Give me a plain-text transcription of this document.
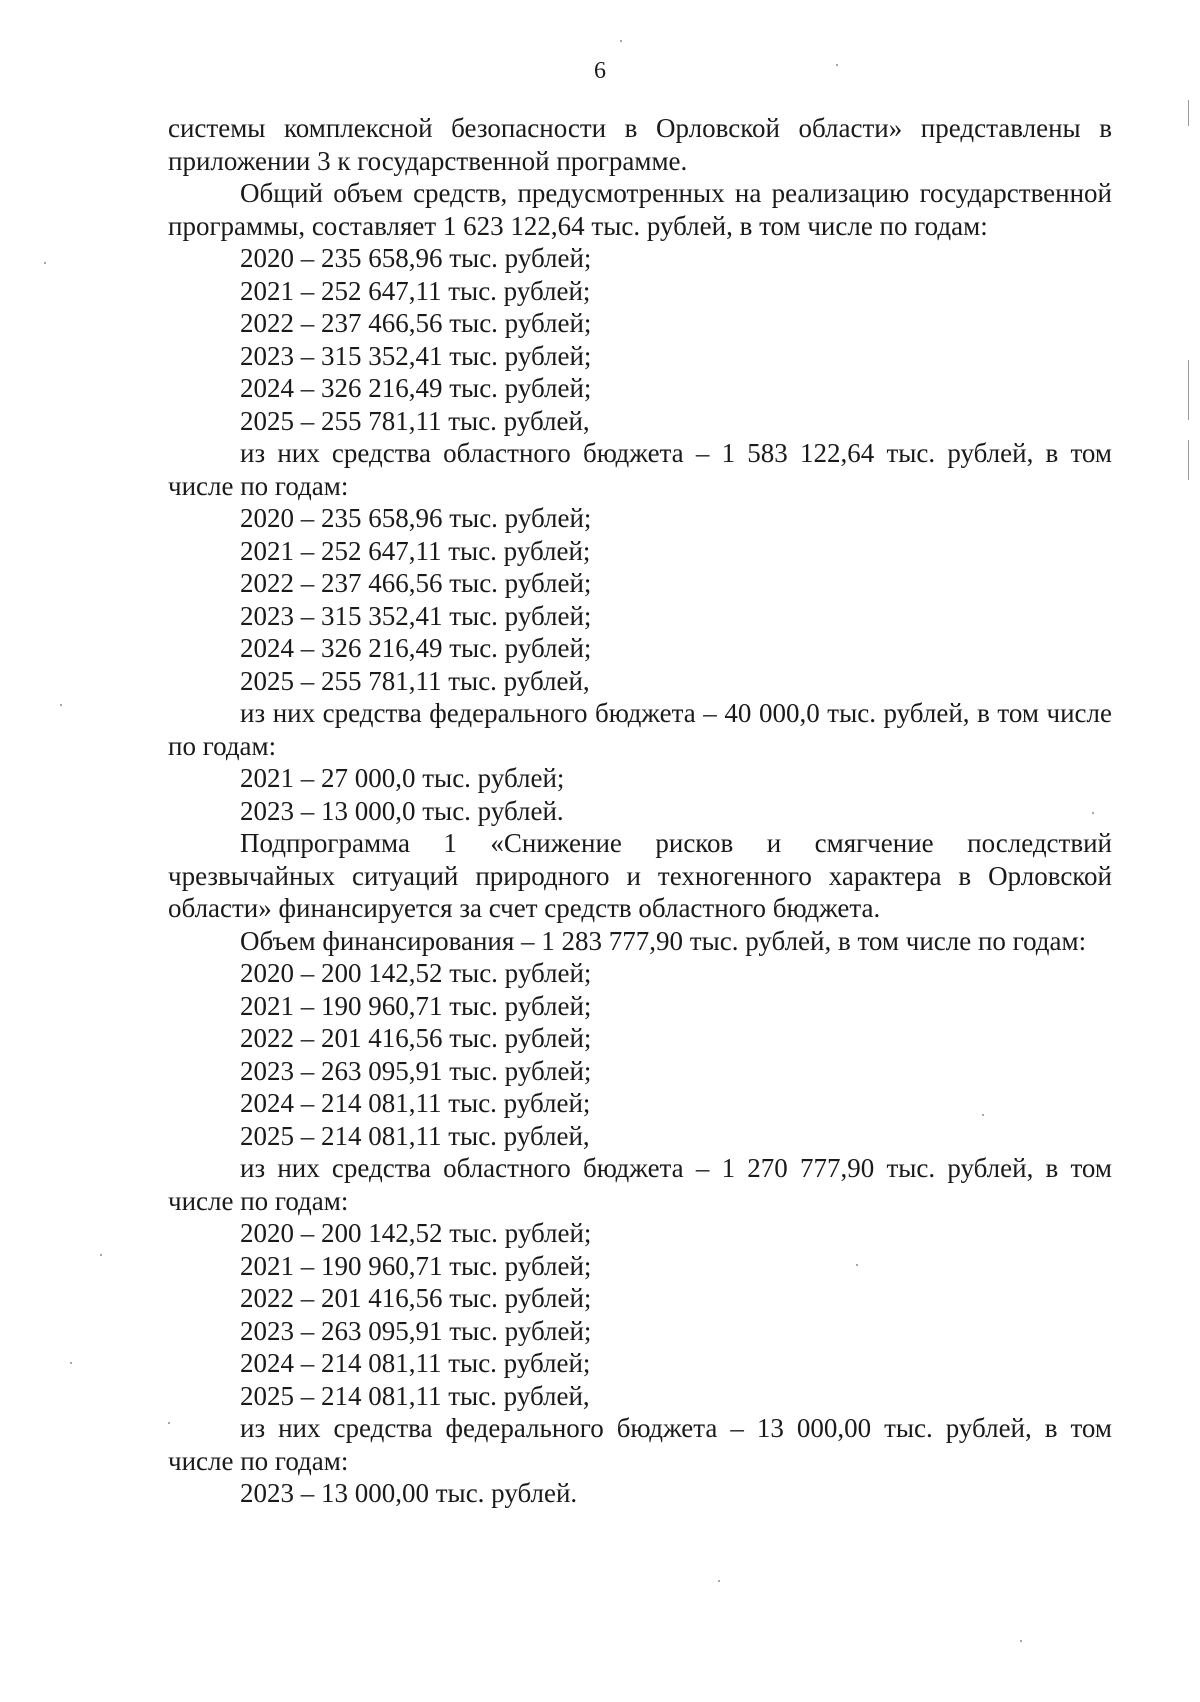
6

системы комплексной безопасности в Орловской области» представлены в приложении 3 к государственной программе.

Общий объем средств, предусмотренных на реализацию государственной программы, составляет 1 623 122,64 тыс. рублей, в том числе по годам:

2020 – 235 658,96 тыс. рублей;
2021 – 252 647,11 тыс. рублей;
2022 – 237 466,56 тыс. рублей;
2023 – 315 352,41 тыс. рублей;
2024 – 326 216,49 тыс. рублей;
2025 – 255 781,11 тыс. рублей,

из них средства областного бюджета – 1 583 122,64 тыс. рублей, в том числе по годам:

2020 – 235 658,96 тыс. рублей;
2021 – 252 647,11 тыс. рублей;
2022 – 237 466,56 тыс. рублей;
2023 – 315 352,41 тыс. рублей;
2024 – 326 216,49 тыс. рублей;
2025 – 255 781,11 тыс. рублей,

из них средства федерального бюджета – 40 000,0 тыс. рублей, в том числе по годам:

2021 – 27 000,0 тыс. рублей;
2023 – 13 000,0 тыс. рублей.

Подпрограмма 1 «Снижение рисков и смягчение последствий чрезвычайных ситуаций природного и техногенного характера в Орловской области» финансируется за счет средств областного бюджета.

Объем финансирования – 1 283 777,90 тыс. рублей, в том числе по годам:

2020 – 200 142,52 тыс. рублей;
2021 – 190 960,71 тыс. рублей;
2022 – 201 416,56 тыс. рублей;
2023 – 263 095,91 тыс. рублей;
2024 – 214 081,11 тыс. рублей;
2025 – 214 081,11 тыс. рублей,

из них средства областного бюджета – 1 270 777,90 тыс. рублей, в том числе по годам:

2020 – 200 142,52 тыс. рублей;
2021 – 190 960,71 тыс. рублей;
2022 – 201 416,56 тыс. рублей;
2023 – 263 095,91 тыс. рублей;
2024 – 214 081,11 тыс. рублей;
2025 – 214 081,11 тыс. рублей,

из них средства федерального бюджета – 13 000,00 тыс. рублей, в том числе по годам:

2023 – 13 000,00 тыс. рублей.
